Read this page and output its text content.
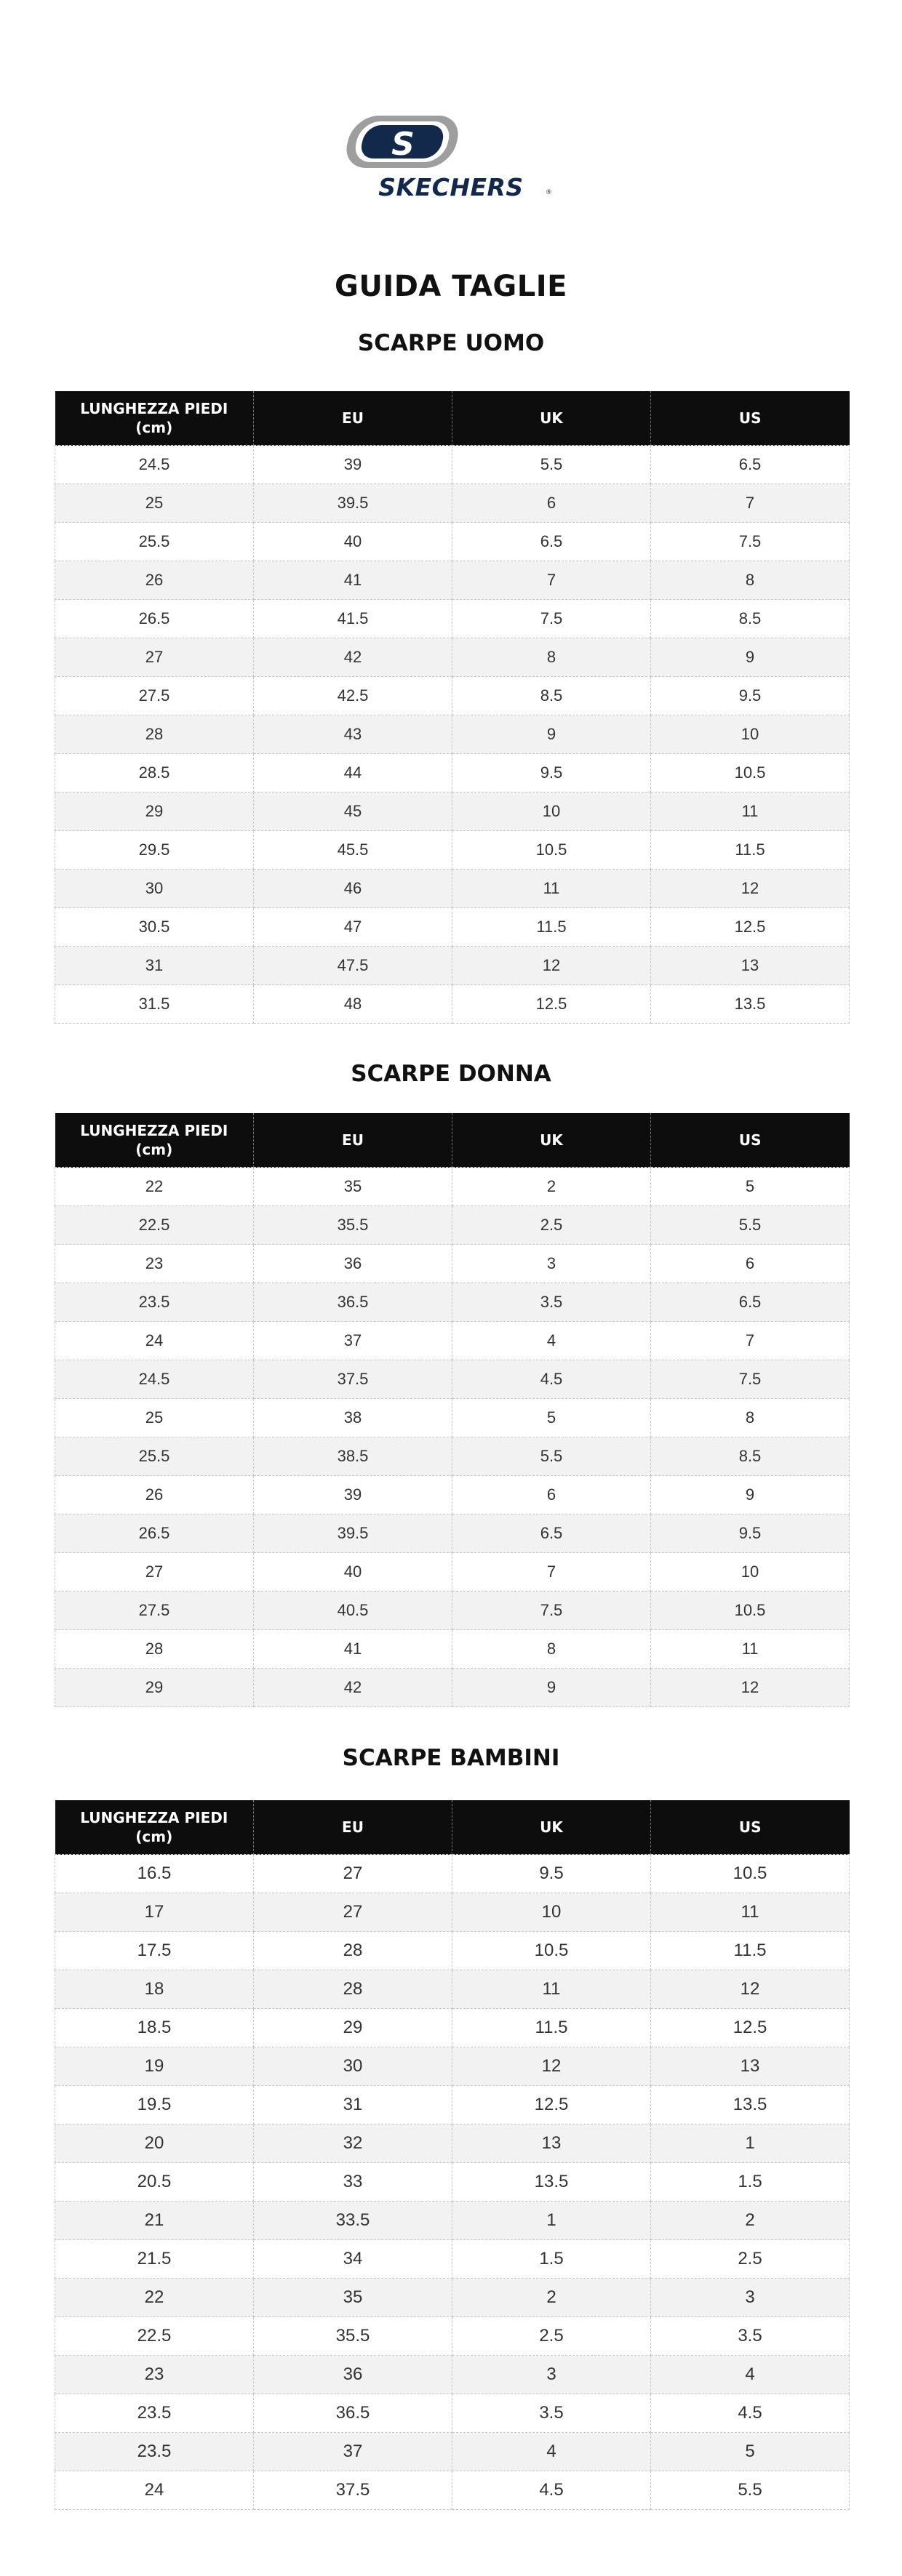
S
SKECHERS	®
GUIDA TAGLIE
SCARPE UOMO
LUNGHEZZA PIEDI (cm)	EU	UK	US
24.5	39	5.5	6.5
25	39.5	6	7
25.5	40	6.5	7.5
26	41	7	8
26.5	41.5	7.5	8.5
27	42	8	9
27.5	42.5	8.5	9.5
28	43	9	10
28.5	44	9.5	10.5
29	45	10	11
29.5	45.5	10.5	11.5
30	46	11	12
30.5	47	11.5	12.5
31	47.5	12	13
31.5	48	12.5	13.5
SCARPE DONNA
LUNGHEZZA PIEDI (cm)	EU	UK	US
22	35	2	5
22.5	35.5	2.5	5.5
23	36	3	6
23.5	36.5	3.5	6.5
24	37	4	7
24.5	37.5	4.5	7.5
25	38	5	8
25.5	38.5	5.5	8.5
26	39	6	9
26.5	39.5	6.5	9.5
27	40	7	10
27.5	40.5	7.5	10.5
28	41	8	11
29	42	9	12
SCARPE BAMBINI
LUNGHEZZA PIEDI (cm)	EU	UK	US
16.5	27	9.5	10.5
17	27	10	11
17.5	28	10.5	11.5
18	28	11	12
18.5	29	11.5	12.5
19	30	12	13
19.5	31	12.5	13.5
20	32	13	1
20.5	33	13.5	1.5
21	33.5	1	2
21.5	34	1.5	2.5
22	35	2	3
22.5	35.5	2.5	3.5
23	36	3	4
23.5	36.5	3.5	4.5
23.5	37	4	5
24	37.5	4.5	5.5
